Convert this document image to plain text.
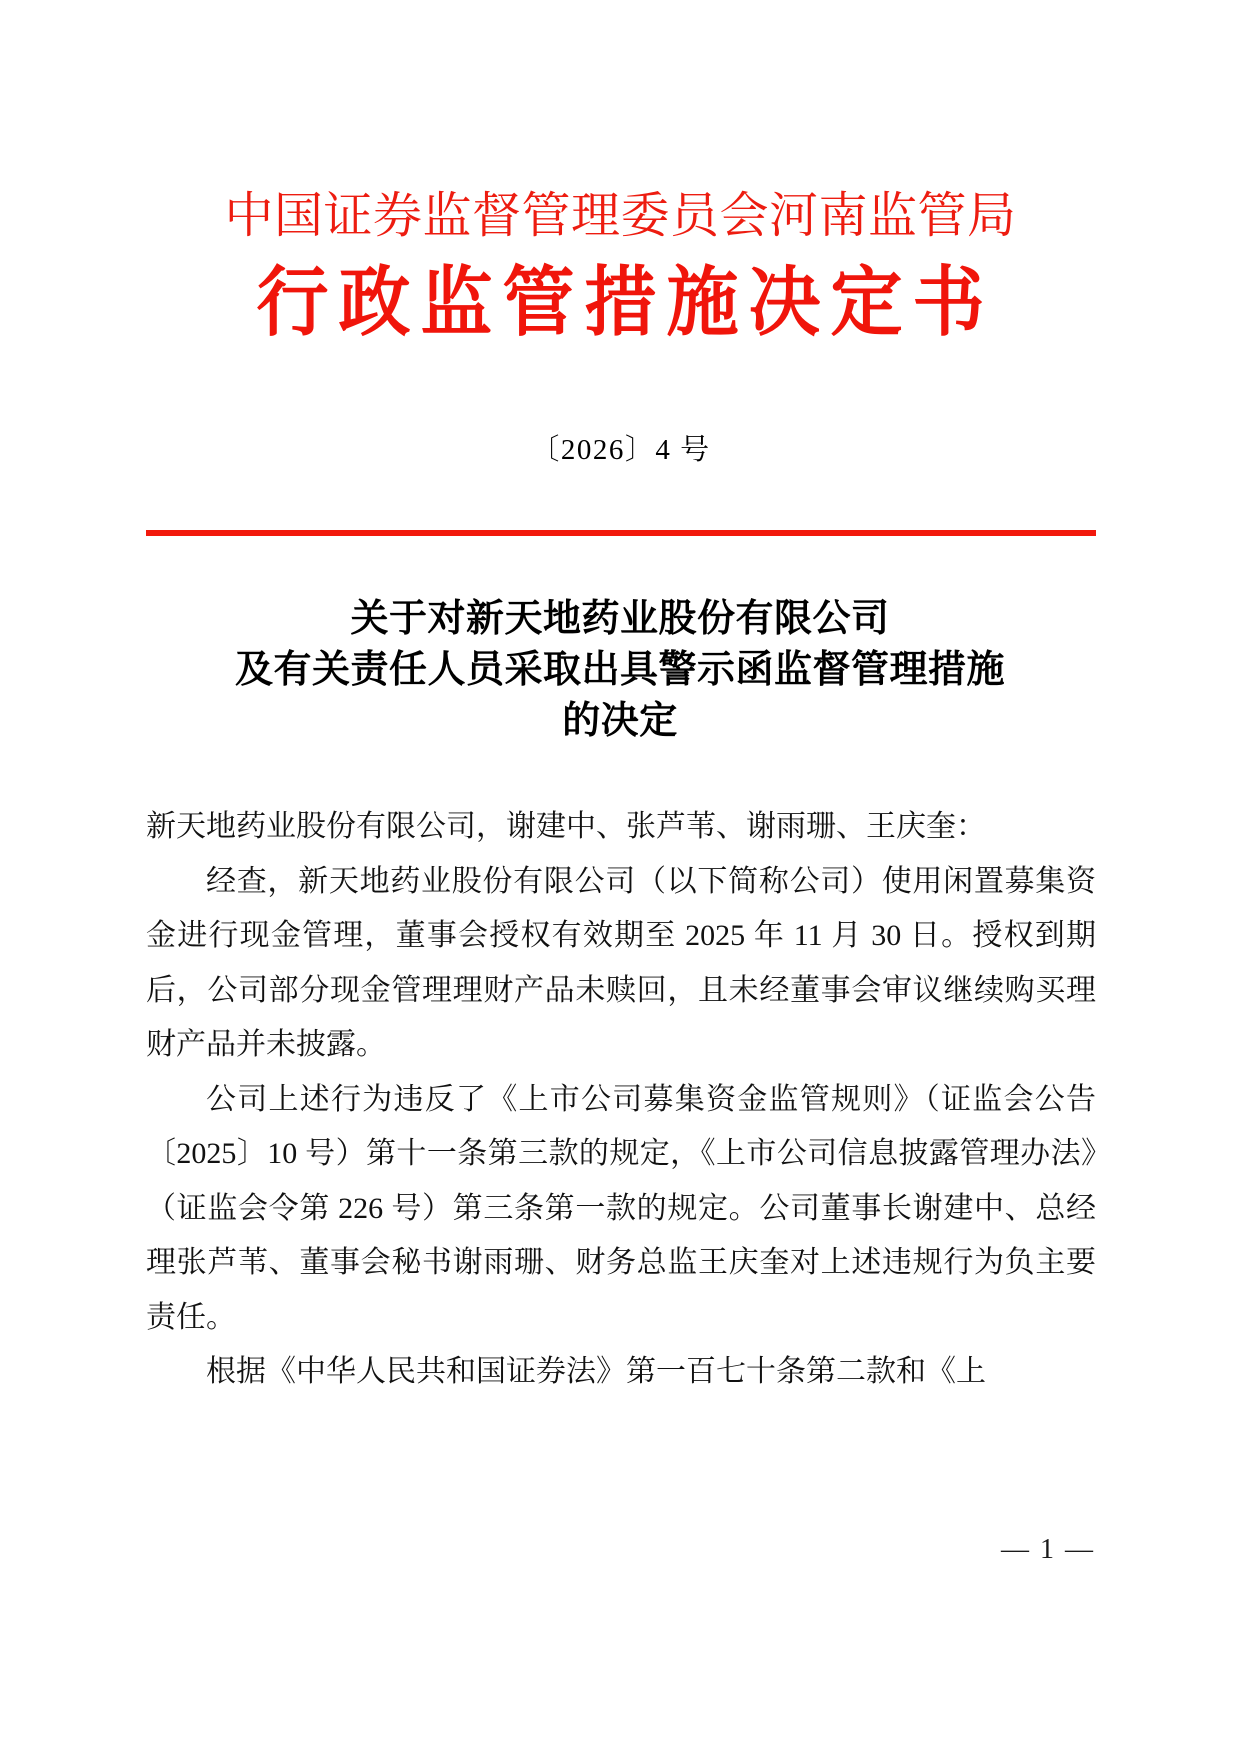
中国证券监督管理委员会河南监管局
行政监管措施决定书
〔2026〕4 号
关于对新天地药业股份有限公司
及有关责任人员采取出具警示函监督管理措施
的决定

新天地药业股份有限公司，谢建中、张芦苇、谢雨珊、王庆奎：

经查，新天地药业股份有限公司（以下简称公司）使用闲置募集资金进行现金管理，董事会授权有效期至 2025 年 11 月 30 日。授权到期后，公司部分现金管理理财产品未赎回，且未经董事会审议继续购买理财产品并未披露。

公司上述行为违反了《上市公司募集资金监管规则》（证监会公告〔2025〕10 号）第十一条第三款的规定，《上市公司信息披露管理办法》（证监会令第 226 号）第三条第一款的规定。公司董事长谢建中、总经理张芦苇、董事会秘书谢雨珊、财务总监王庆奎对上述违规行为负主要责任。

根据《中华人民共和国证券法》第一百七十条第二款和《上

— 1 —
